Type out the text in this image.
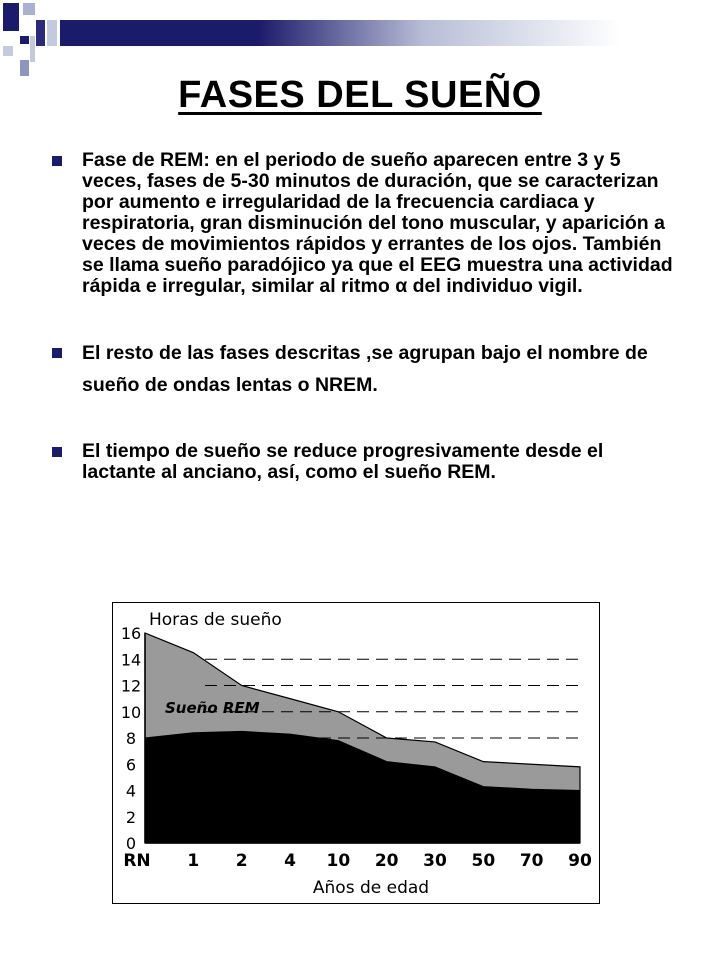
FASES DEL SUEÑO
Fase de REM: en el periodo de sueño aparecen entre 3 y 5 veces, fases de 5-30 minutos de duración, que se caracterizan por aumento e irregularidad de la frecuencia cardiaca y respiratoria, gran disminución del tono muscular, y aparición a veces de movimientos rápidos y errantes de los ojos. También se llama sueño paradójico ya que el EEG muestra una actividad rápida e irregular, similar al ritmo α del individuo vigil.
El resto de las fases descritas ,se agrupan bajo el nombre de sueño de ondas lentas o NREM.
El tiempo de sueño se reduce progresivamente desde el lactante al anciano, así, como el sueño REM.
0
2
4
6
8
10
12
14
16
RN 1 2 4 10 20 30 50 70 90
Horas de sueño
Años de edad
Sueño REM
